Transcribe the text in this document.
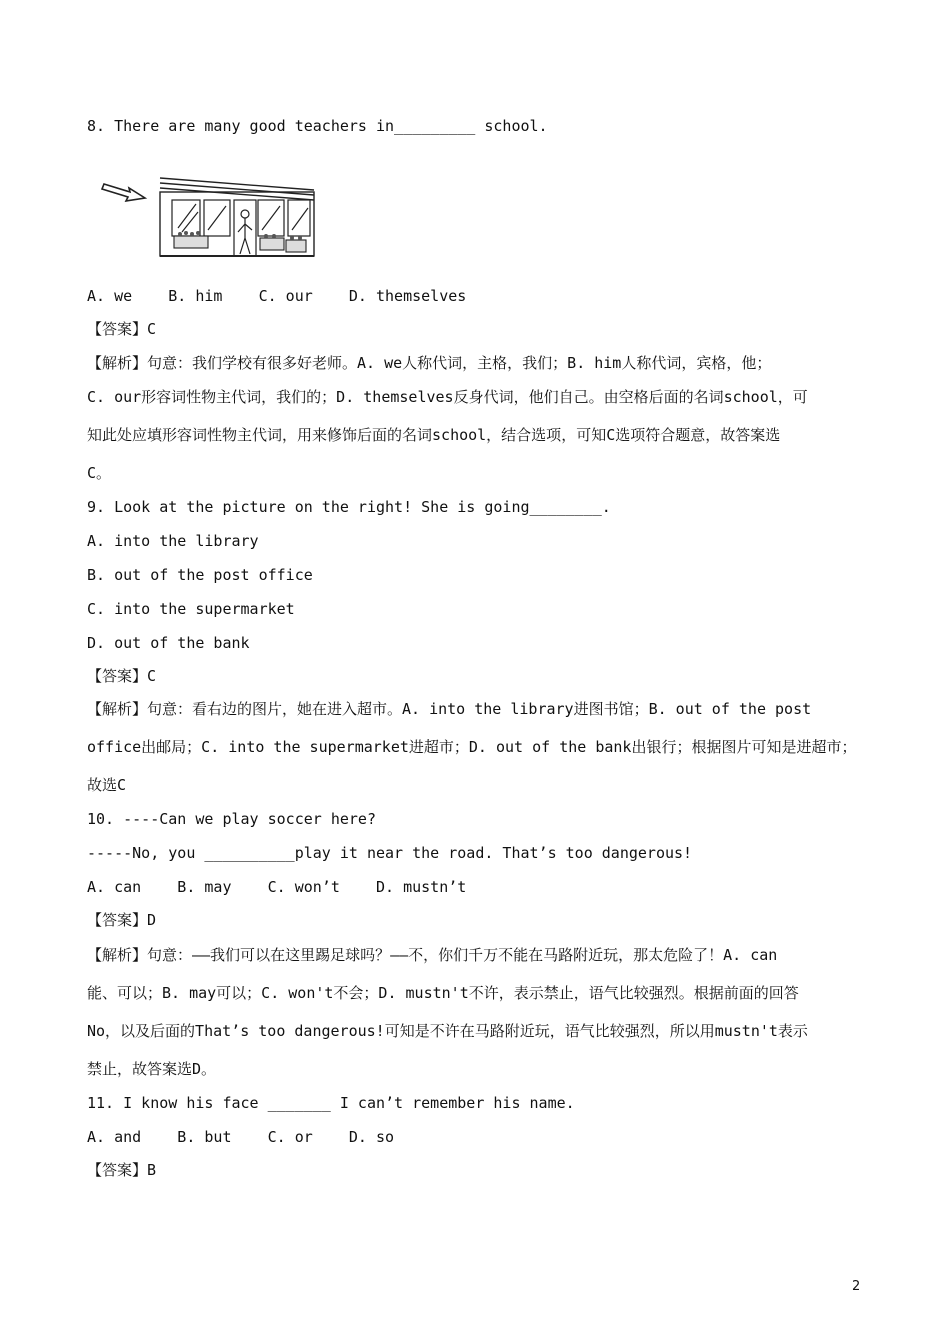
8. There are many good teachers in_________ school.
A. we    B. him    C. our    D. themselves
【答案】C
【解析】句意：我们学校有很多好老师。A. we人称代词，主格，我们；B. him人称代词，宾格，他；
C. our形容词性物主代词，我们的；D. themselves反身代词，他们自己。由空格后面的名词school，可
知此处应填形容词性物主代词，用来修饰后面的名词school，结合选项，可知C选项符合题意，故答案选
C。
9. Look at the picture on the right! She is going________.
A. into the library
B. out of the post office
C. into the supermarket
D. out of the bank
【答案】C
【解析】句意：看右边的图片，她在进入超市。A. into the library进图书馆；B. out of the post
office出邮局；C. into the supermarket进超市；D. out of the bank出银行；根据图片可知是进超市；
故选C
10. ----Can we play soccer here?
-----No, you __________play it near the road. That’s too dangerous!
A. can    B. may    C. won’t    D. mustn’t
【答案】D
【解析】句意：——我们可以在这里踢足球吗？——不，你们千万不能在马路附近玩，那太危险了！A. can
能、可以；B. may可以；C. won't不会；D. mustn't不许，表示禁止，语气比较强烈。根据前面的回答
No，以及后面的That’s too dangerous!可知是不许在马路附近玩，语气比较强烈，所以用mustn't表示
禁止，故答案选D。
11. I know his face _______ I can’t remember his name.
A. and    B. but    C. or    D. so
【答案】B
2
